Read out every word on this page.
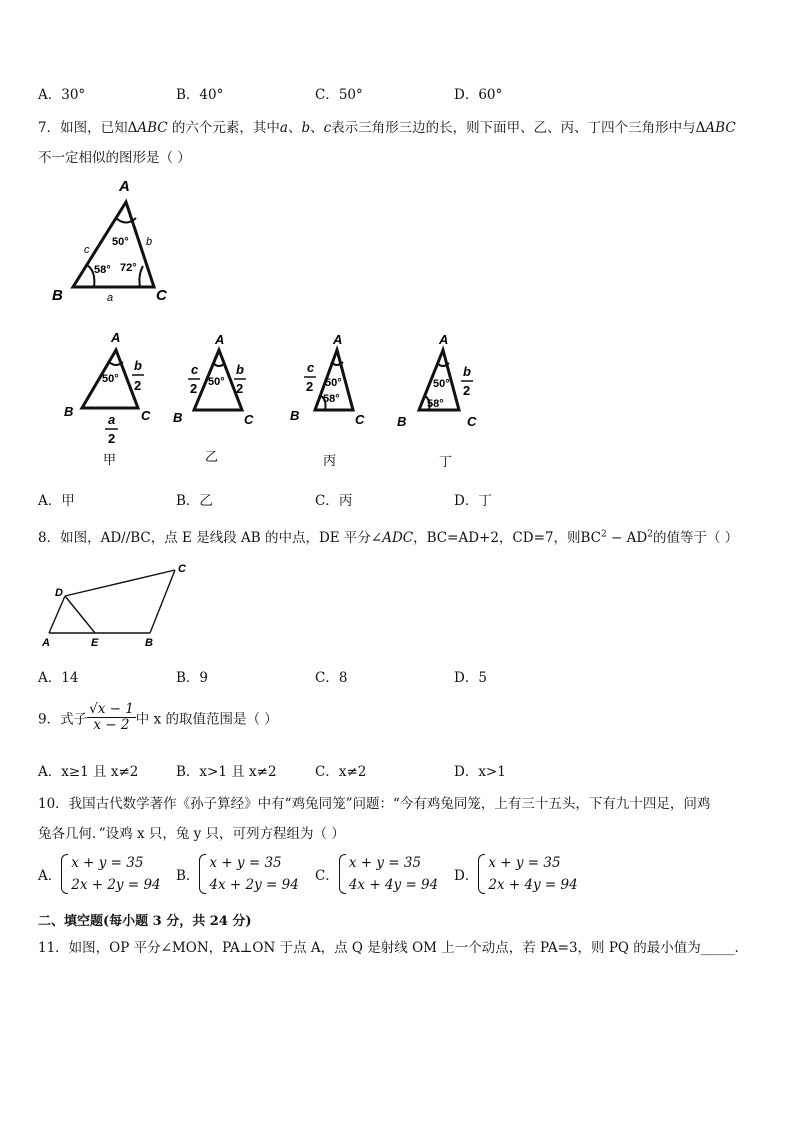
A．30°	B．40°	C．50°	D．60°
7．如图，已知ΔABC 的六个元素，其中a、b、c表示三角形三边的长，则下面甲、乙、丙、丁四个三角形中与ΔABC
不一定相似的图形是（ ）
A
B	C
c
b
a
50°
58° 72°
A
B	C
50°
b
2
a
2
甲
A
B	C
50°
c
2
b
2
乙
A
B	C
50°
58°
c
2
丙
A
B	C
50°
58°
b
2
丁
A．甲	B．乙	C．丙	D．丁
8．如图，AD//BC，点 E 是线段 AB 的中点，DE 平分∠ADC，BC=AD+2，CD=7，则$BC^2 - AD^2$的值等于（ ）
A
D
C
E	B
A．14	B．9	C．8	D．5
9．式子 $\frac{√x - 1}{x - 2}$ 中 x 的取值范围是（ ）
A．x≥1 且 x≠2	B．x>1 且 x≠2	C．x≠2	D．x>1
10．我国古代数学著作《孙子算经》中有“鸡兔同笼”问题：“今有鸡兔同笼，上有三十五头，下有九十四足，问鸡
兔各几何．”设鸡 x 只，兔 y 只，可列方程组为（ ）
A．
x + y = 35
2x + 2y = 94
B．
x + y = 35
4x + 2y = 94
C．
x + y = 35
4x + 4y = 94
D．
x + y = 35
2x + 4y = 94
二、填空题(每小题 3 分，共 24 分)
11．如图，OP 平分∠MON，PA⊥ON 于点 A，点 Q 是射线 OM 上一个动点，若 PA=3，则 PQ 的最小值为_____.
